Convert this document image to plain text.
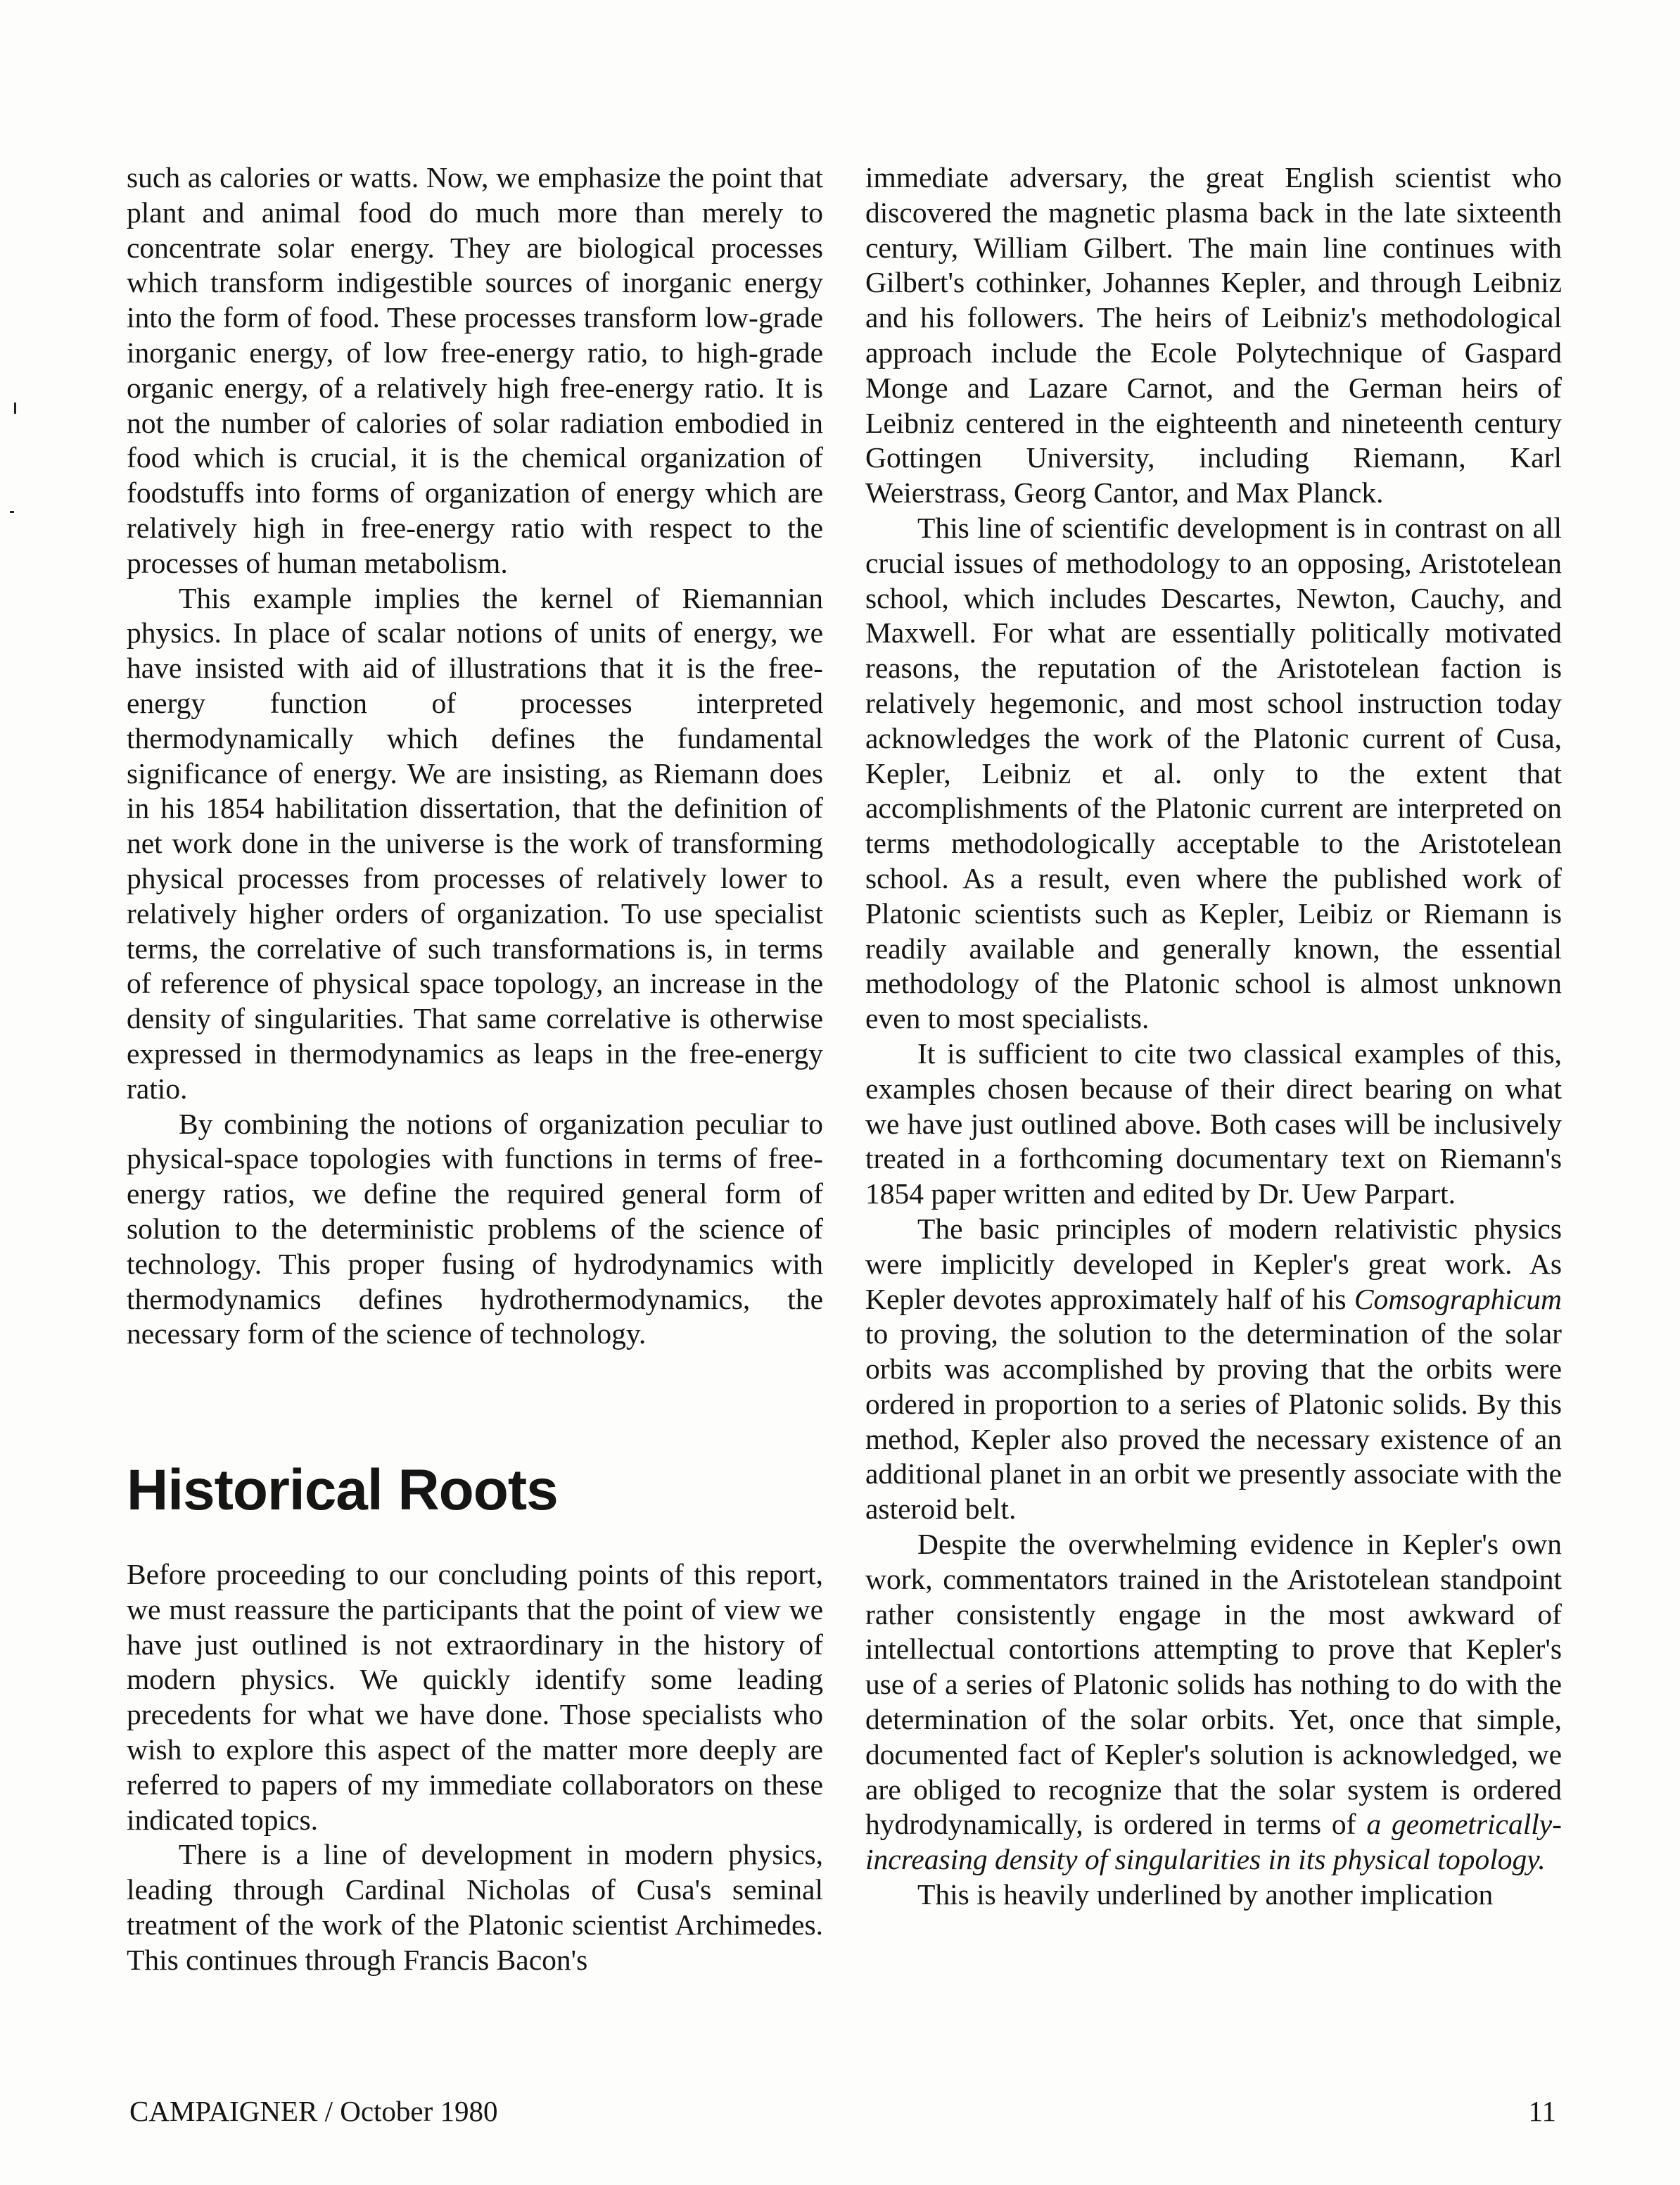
such as calories or watts. Now, we emphasize the point that plant and animal food do much more than merely to concentrate solar energy. They are biological processes which transform indigestible sources of inorganic energy into the form of food. These processes transform low-grade inorganic energy, of low free-energy ratio, to high-grade organic energy, of a relatively high free-energy ratio. It is not the number of calories of solar radiation embodied in food which is crucial, it is the chemical organization of foodstuffs into forms of organization of energy which are relatively high in free-energy ratio with respect to the processes of human metabolism.

This example implies the kernel of Riemannian physics. In place of scalar notions of units of energy, we have insisted with aid of illustrations that it is the free-energy function of processes interpreted thermodynamically which defines the fundamental significance of energy. We are insisting, as Riemann does in his 1854 habilitation dissertation, that the definition of net work done in the universe is the work of transforming physical processes from processes of relatively lower to relatively higher orders of organization. To use specialist terms, the correlative of such transformations is, in terms of reference of physical space topology, an increase in the density of singularities. That same correlative is otherwise expressed in thermodynamics as leaps in the free-energy ratio.

By combining the notions of organization peculiar to physical-space topologies with functions in terms of free-energy ratios, we define the required general form of solution to the deterministic problems of the science of technology. This proper fusing of hydrodynamics with thermodynamics defines hydrothermodynamics, the necessary form of the science of technology.

Historical Roots

Before proceeding to our concluding points of this report, we must reassure the participants that the point of view we have just outlined is not extraordinary in the history of modern physics. We quickly identify some leading precedents for what we have done. Those specialists who wish to explore this aspect of the matter more deeply are referred to papers of my immediate collaborators on these indicated topics.

There is a line of development in modern physics, leading through Cardinal Nicholas of Cusa's seminal treatment of the work of the Platonic scientist Archimedes. This continues through Francis Bacon's

immediate adversary, the great English scientist who discovered the magnetic plasma back in the late sixteenth century, William Gilbert. The main line continues with Gilbert's cothinker, Johannes Kepler, and through Leibniz and his followers. The heirs of Leibniz's methodological approach include the Ecole Polytechnique of Gaspard Monge and Lazare Carnot, and the German heirs of Leibniz centered in the eighteenth and nineteenth century Gottingen University, including Riemann, Karl Weierstrass, Georg Cantor, and Max Planck.

This line of scientific development is in contrast on all crucial issues of methodology to an opposing, Aristotelean school, which includes Descartes, Newton, Cauchy, and Maxwell. For what are essentially politically motivated reasons, the reputation of the Aristotelean faction is relatively hegemonic, and most school instruction today acknowledges the work of the Platonic current of Cusa, Kepler, Leibniz et al. only to the extent that accomplishments of the Platonic current are interpreted on terms methodologically acceptable to the Aristotelean school. As a result, even where the published work of Platonic scientists such as Kepler, Leibiz or Riemann is readily available and generally known, the essential methodology of the Platonic school is almost unknown even to most specialists.

It is sufficient to cite two classical examples of this, examples chosen because of their direct bearing on what we have just outlined above. Both cases will be inclusively treated in a forthcoming documentary text on Riemann's 1854 paper written and edited by Dr. Uew Parpart.

The basic principles of modern relativistic physics were implicitly developed in Kepler's great work. As Kepler devotes approximately half of his Comsographicum to proving, the solution to the determination of the solar orbits was accomplished by proving that the orbits were ordered in proportion to a series of Platonic solids. By this method, Kepler also proved the necessary existence of an additional planet in an orbit we presently associate with the asteroid belt.

Despite the overwhelming evidence in Kepler's own work, commentators trained in the Aristotelean standpoint rather consistently engage in the most awkward of intellectual contortions attempting to prove that Kepler's use of a series of Platonic solids has nothing to do with the determination of the solar orbits. Yet, once that simple, documented fact of Kepler's solution is acknowledged, we are obliged to recognize that the solar system is ordered hydrodynamically, is ordered in terms of a geometrically-increasing density of singularities in its physical topology.

This is heavily underlined by another implication

CAMPAIGNER / October 1980	11
